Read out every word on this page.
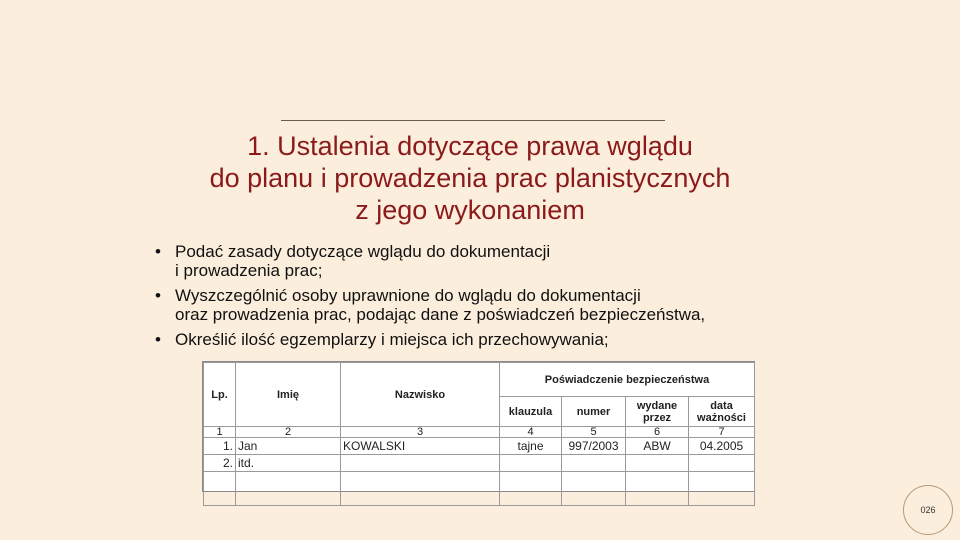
1. Ustalenia dotyczące prawa wglądu
do planu i prowadzenia prac planistycznych
z jego wykonaniem
• Podać zasady dotyczące wglądu do dokumentacji
i prowadzenia prac;
• Wyszczególnić osoby uprawnione do wglądu do dokumentacji
oraz prowadzenia prac, podając dane z poświadczeń bezpieczeństwa,
• Określić ilość egzemplarzy i miejsca ich przechowywania;
Lp.	Imię	Nazwisko	Poświadczenie bezpieczeństwa			
			klauzula	numer	wydane przez	data ważności
1	2	3	4	5	6	7
1.	Jan	KOWALSKI	tajne	997/2003	ABW	04.2005
2.	itd.					

026
